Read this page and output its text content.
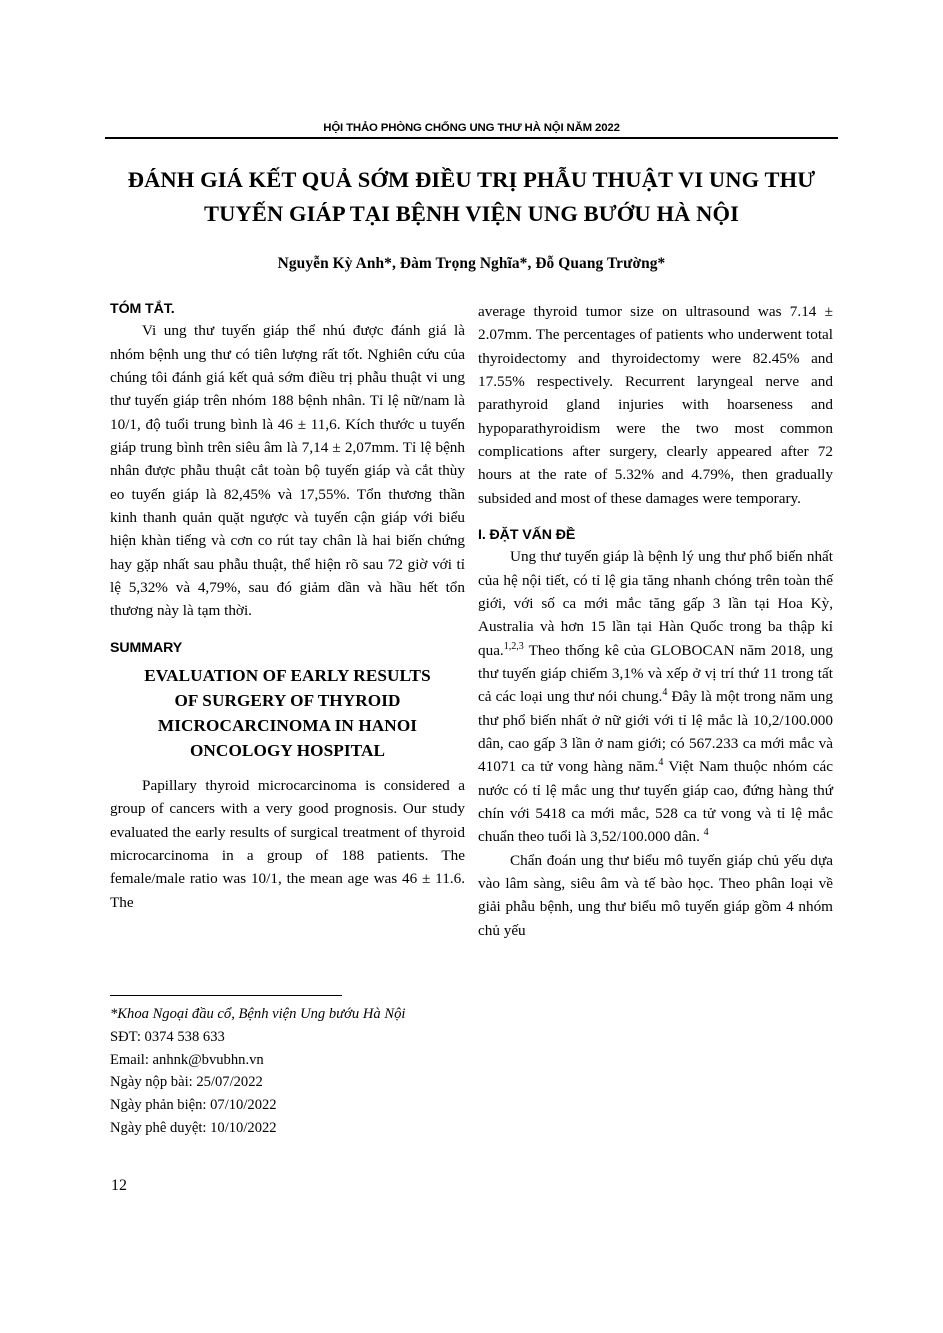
HỘI THẢO PHÒNG CHỐNG UNG THƯ HÀ NỘI NĂM 2022
ĐÁNH GIÁ KẾT QUẢ SỚM ĐIỀU TRỊ PHẪU THUẬT VI UNG THƯ
TUYẾN GIÁP TẠI BỆNH VIỆN UNG BƯỚU HÀ NỘI
Nguyễn Kỳ Anh*, Đàm Trọng Nghĩa*, Đỗ Quang Trường*
TÓM TẮT.

Vi ung thư tuyến giáp thể nhú được đánh giá là nhóm bệnh ung thư có tiên lượng rất tốt. Nghiên cứu của chúng tôi đánh giá kết quả sớm điều trị phẫu thuật vi ung thư tuyến giáp trên nhóm 188 bệnh nhân. Tỉ lệ nữ/nam là 10/1, độ tuổi trung bình là 46 ± 11,6. Kích thước u tuyến giáp trung bình trên siêu âm là 7,14 ± 2,07mm. Tỉ lệ bệnh nhân được phẫu thuật cắt toàn bộ tuyến giáp và cắt thùy eo tuyến giáp là 82,45% và 17,55%. Tổn thương thần kinh thanh quản quặt ngược và tuyến cận giáp với biểu hiện khàn tiếng và cơn co rút tay chân là hai biến chứng hay gặp nhất sau phẫu thuật, thể hiện rõ sau 72 giờ với tỉ lệ 5,32% và 4,79%, sau đó giảm dần và hầu hết tổn thương này là tạm thời.

SUMMARY
EVALUATION OF EARLY RESULTS
OF SURGERY OF THYROID
MICROCARCINOMA IN HANOI
ONCOLOGY HOSPITAL

Papillary thyroid microcarcinoma is considered a group of cancers with a very good prognosis. Our study evaluated the early results of surgical treatment of thyroid microcarcinoma in a group of 188 patients. The female/male ratio was 10/1, the mean age was 46 ± 11.6. The

*Khoa Ngoại đầu cổ, Bệnh viện Ung bướu Hà Nội
SĐT: 0374 538 633
Email: anhnk@bvubhn.vn
Ngày nộp bài: 25/07/2022
Ngày phản biện: 07/10/2022
Ngày phê duyệt: 10/10/2022

average thyroid tumor size on ultrasound was 7.14 ± 2.07mm. The percentages of patients who underwent total thyroidectomy and thyroidectomy were 82.45% and 17.55% respectively. Recurrent laryngeal nerve and parathyroid gland injuries with hoarseness and hypoparathyroidism were the two most common complications after surgery, clearly appeared after 72 hours at the rate of 5.32% and 4.79%, then gradually subsided and most of these damages were temporary.

I. ĐẶT VẤN ĐỀ

Ung thư tuyến giáp là bệnh lý ung thư phổ biến nhất của hệ nội tiết, có tỉ lệ gia tăng nhanh chóng trên toàn thế giới, với số ca mới mắc tăng gấp 3 lần tại Hoa Kỳ, Australia và hơn 15 lần tại Hàn Quốc trong ba thập kỉ qua.$^{1,2,3}$ Theo thống kê của GLOBOCAN năm 2018, ung thư tuyến giáp chiếm 3,1% và xếp ở vị trí thứ 11 trong tất cả các loại ung thư nói chung.$^4$ Đây là một trong năm ung thư phổ biến nhất ở nữ giới với tỉ lệ mắc là 10,2/100.000 dân, cao gấp 3 lần ở nam giới; có 567.233 ca mới mắc và 41071 ca tử vong hàng năm.$^4$ Việt Nam thuộc nhóm các nước có tỉ lệ mắc ung thư tuyến giáp cao, đứng hàng thứ chín với 5418 ca mới mắc, 528 ca tử vong và tỉ lệ mắc chuẩn theo tuổi là 3,52/100.000 dân. $^4$

Chẩn đoán ung thư biểu mô tuyến giáp chủ yếu dựa vào lâm sàng, siêu âm và tế bào học. Theo phân loại về giải phẫu bệnh, ung thư biểu mô tuyến giáp gồm 4 nhóm chủ yếu

12
